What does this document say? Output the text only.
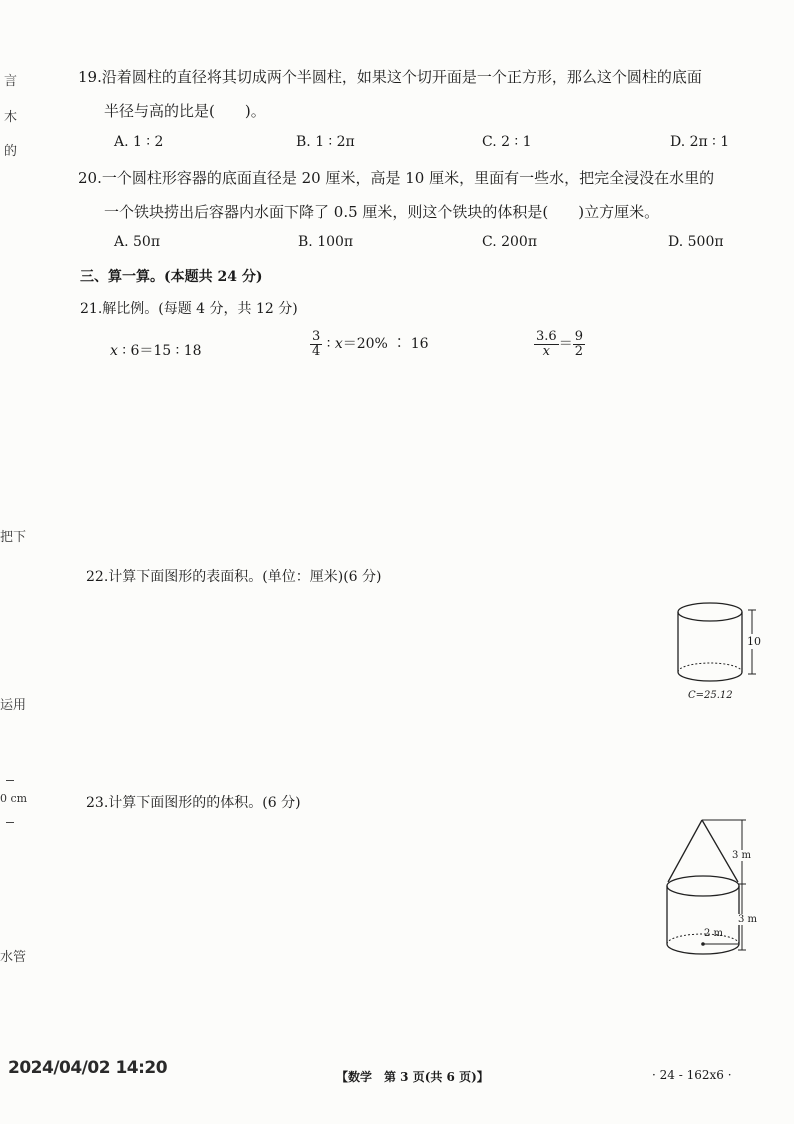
言
木
的
把下
运用
0 cm
水管
19.沿着圆柱的直径将其切成两个半圆柱，如果这个切开面是一个正方形，那么这个圆柱的底面
半径与高的比是(　　)。
A. 1 ∶ 2	B. 1 ∶ 2π	C. 2 ∶ 1	D. 2π ∶ 1
20.一个圆柱形容器的底面直径是 20 厘米，高是 10 厘米，里面有一些水，把完全浸没在水里的
一个铁块捞出后容器内水面下降了 0.5 厘米，则这个铁块的体积是(　　)立方厘米。
A. 50π	B. 100π	C. 200π	D. 500π
三、算一算。(本题共 24 分)
21.解比例。(每题 4 分，共 12 分)
x ∶ 6＝15 ∶ 18	$\frac{3}{4}$ ∶ x＝20% ∶ 16	$\frac{3.6}{x} = \frac{9}{2}$
22.计算下面图形的表面积。(单位：厘米)(6 分)
10
C=25.12
23.计算下面图形的的体积。(6 分)
3 m
3 m
2 m
2024/04/02 14:20	【数学　第 3 页(共 6 页)】	· 24 - 162x6 ·
